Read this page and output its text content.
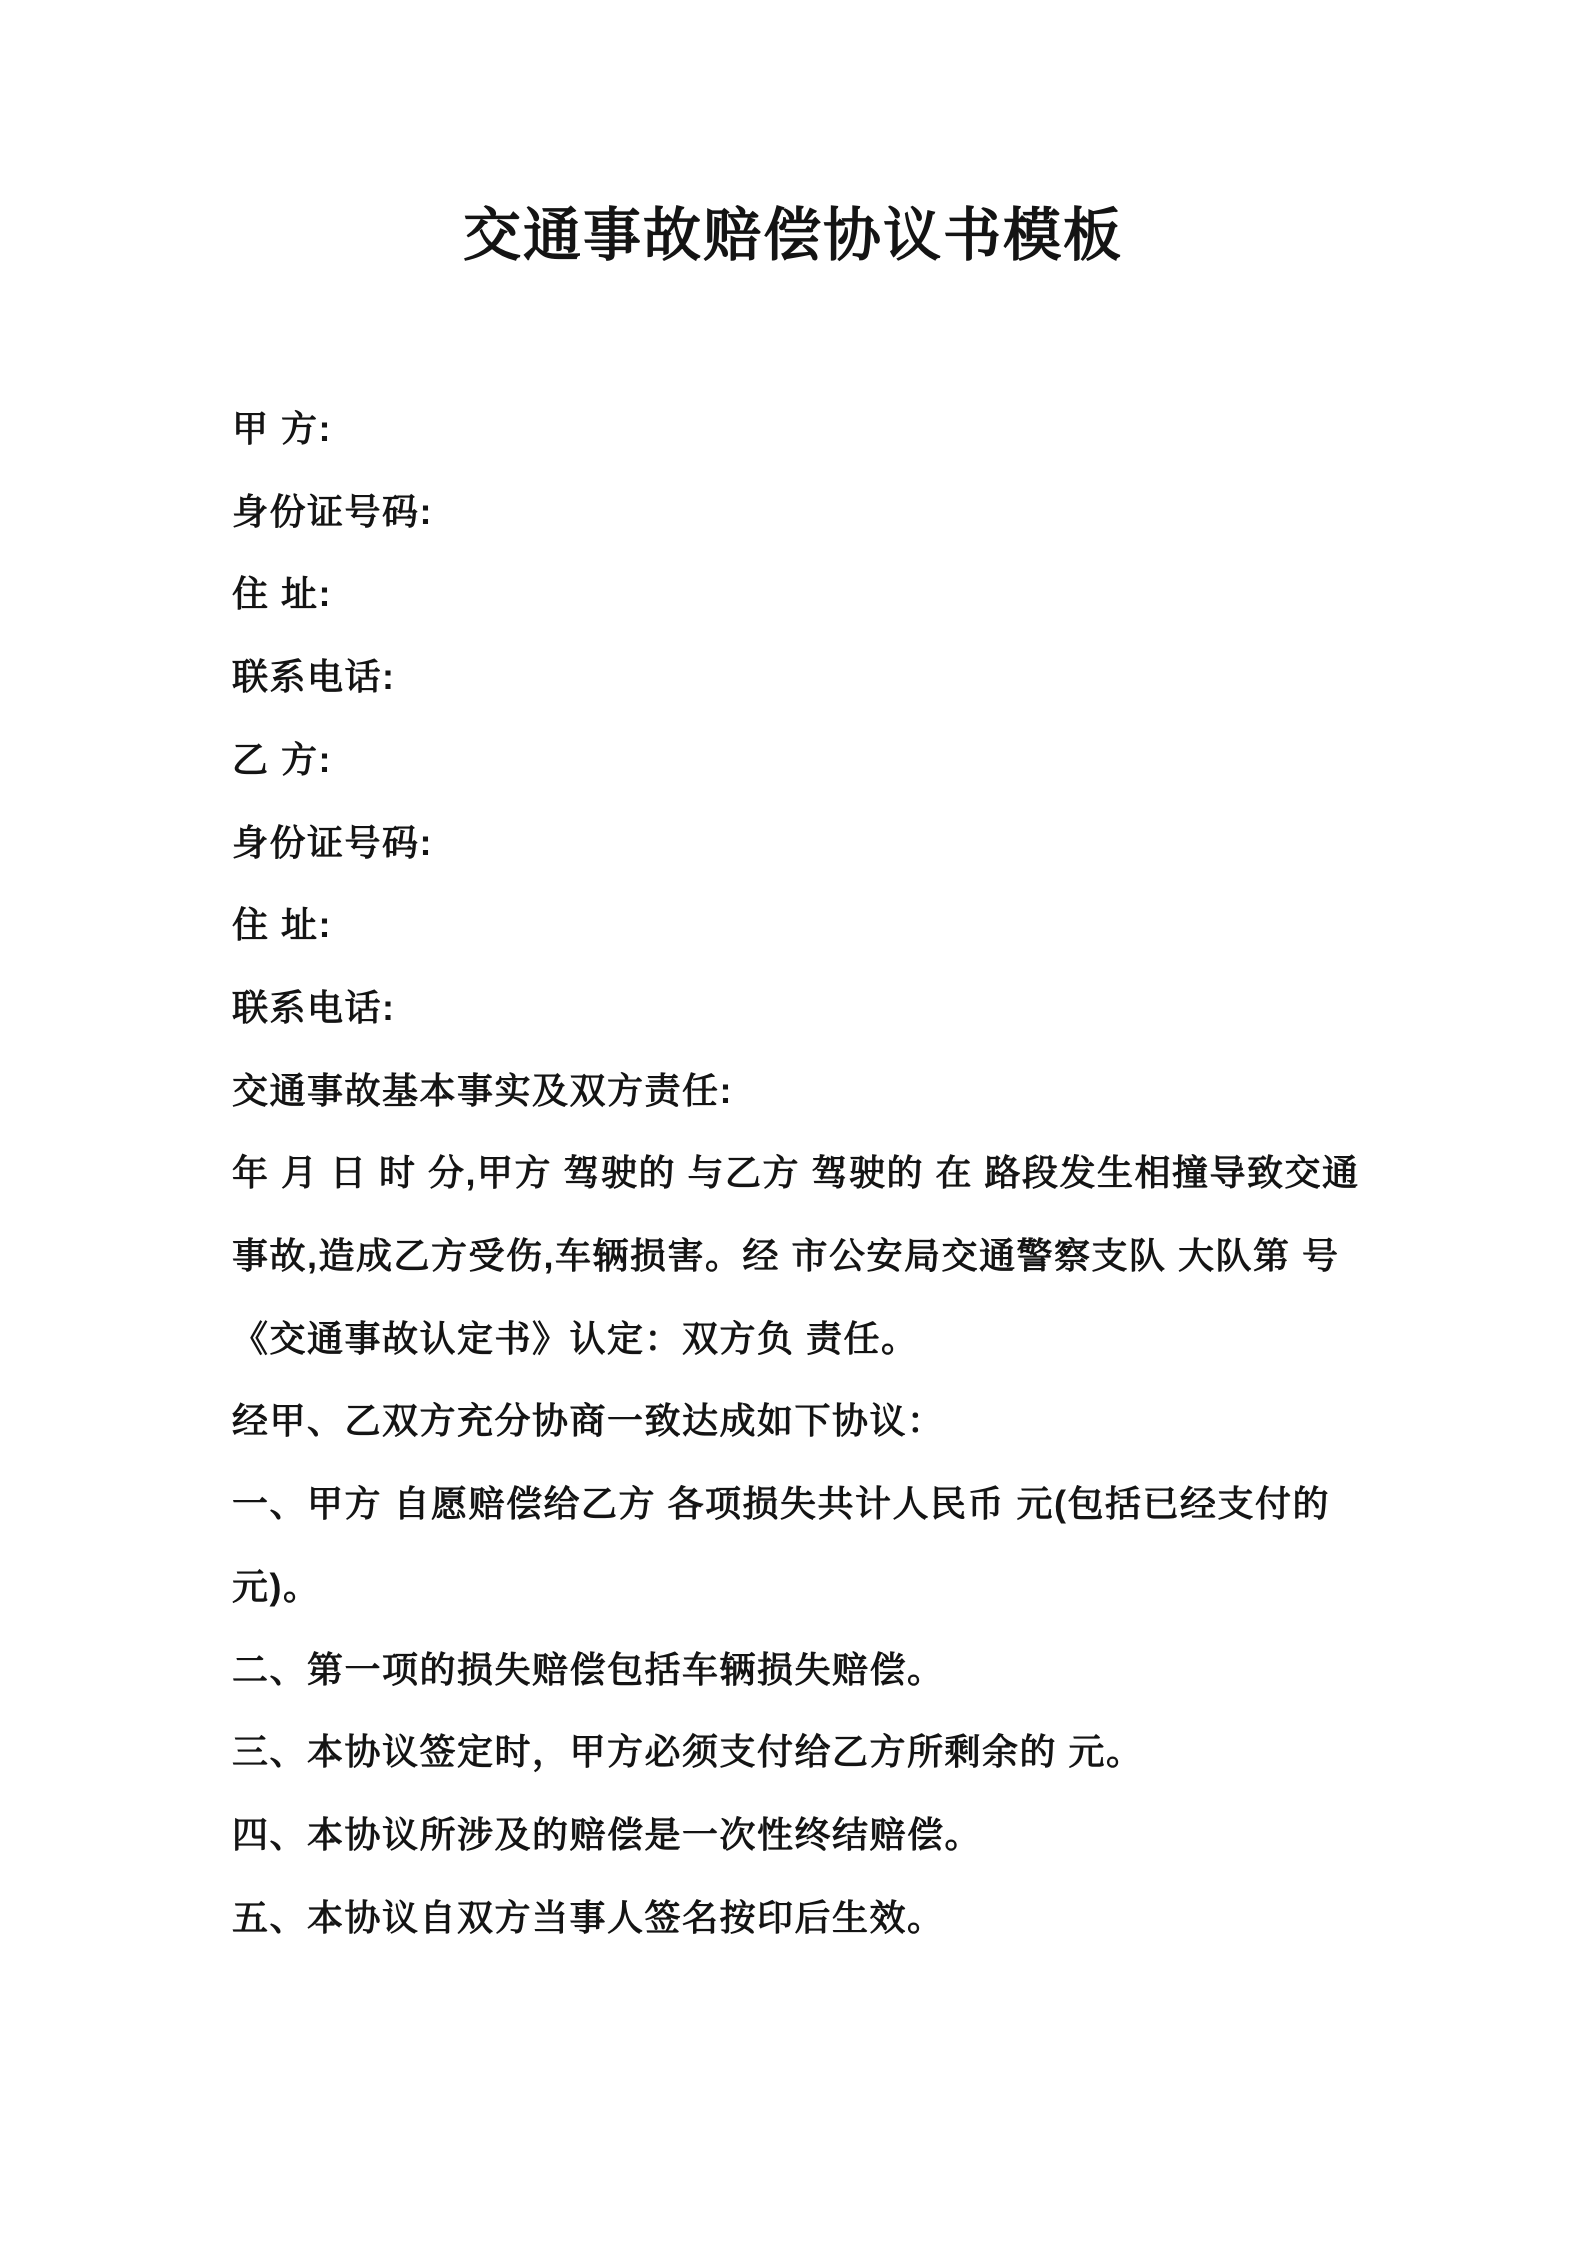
交通事故赔偿协议书模板
甲 方:
身份证号码:
住 址:
联系电话:
乙 方:
身份证号码:
住 址:
联系电话:
交通事故基本事实及双方责任:
年 月 日 时 分,甲方 驾驶的 与乙方 驾驶的 在 路段发生相撞导致交通
事故,造成乙方受伤,车辆损害。经 市公安局交通警察支队 大队第 号
《交通事故认定书》认定：双方负 责任。
经甲、乙双方充分协商一致达成如下协议：
一、甲方 自愿赔偿给乙方 各项损失共计人民币 元(包括已经支付的
元)。
二、第一项的损失赔偿包括车辆损失赔偿。
三、本协议签定时，甲方必须支付给乙方所剩余的 元。
四、本协议所涉及的赔偿是一次性终结赔偿。
五、本协议自双方当事人签名按印后生效。
